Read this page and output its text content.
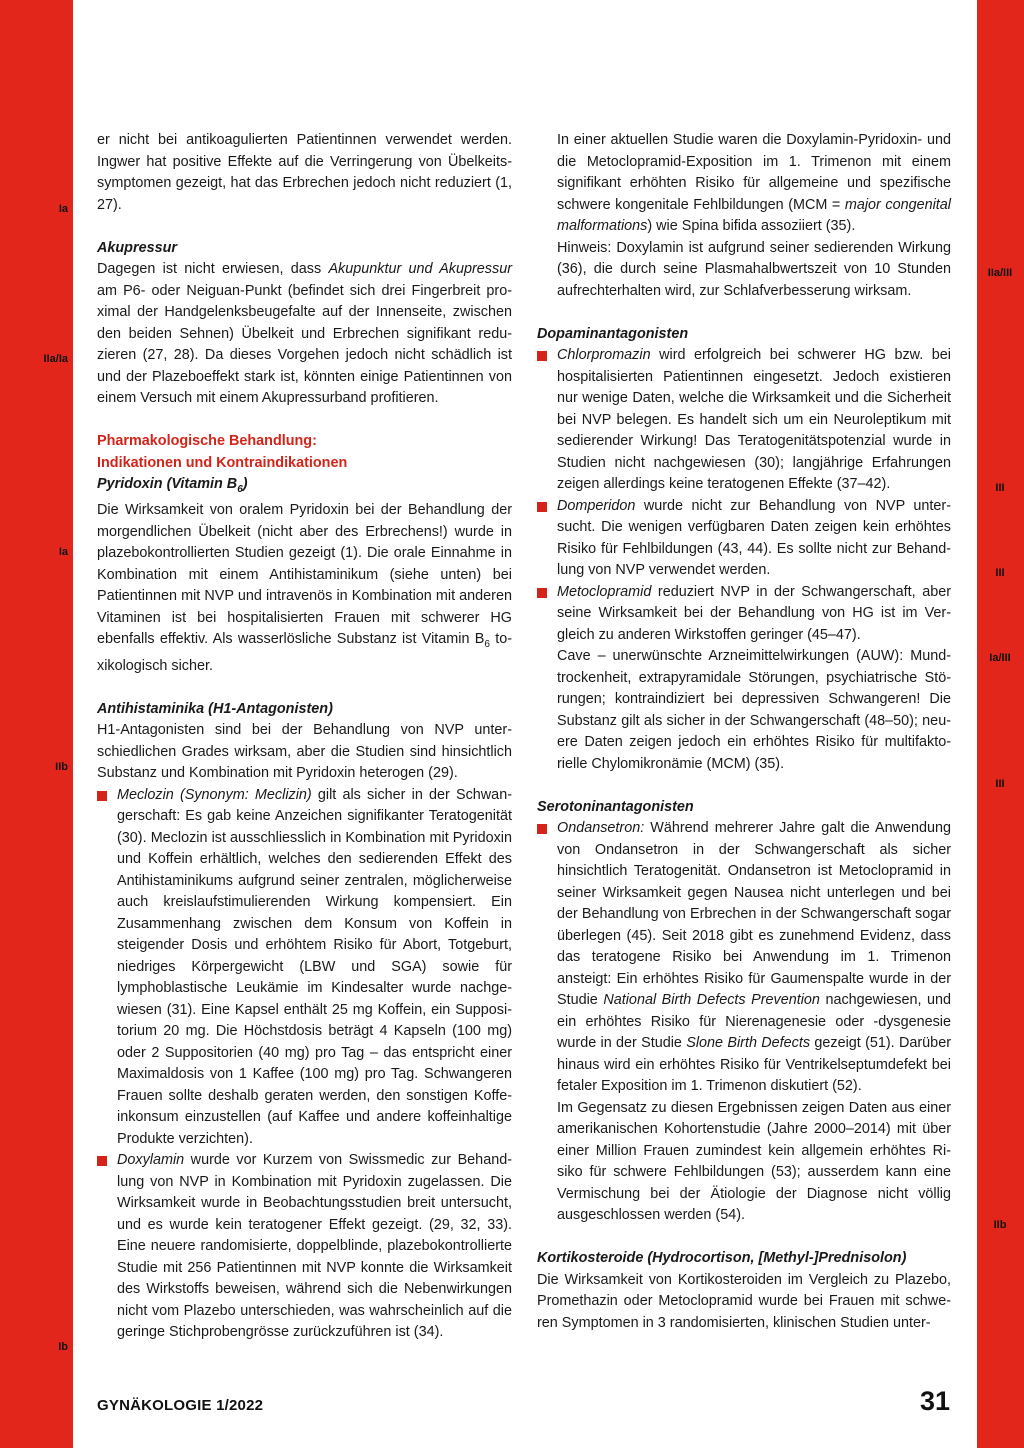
Ia
IIa/Ia
Ia
IIb
Ib
IIa/III
III
III
Ia/III
III
IIb

er nicht bei antikoagulierten Patientinnen verwendet werden. Ingwer hat positive Effekte auf die Verringerung von Übelkeitssymptomen gezeigt, hat das Erbrechen jedoch nicht reduziert (1, 27).

Akupressur

Dagegen ist nicht erwiesen, dass Akupunktur und Akupressur am P6- oder Neiguan-Punkt (befindet sich drei Fingerbreit proximal der Handgelenksbeugefalte auf der Innenseite, zwischen den beiden Sehnen) Übelkeit und Erbrechen signifikant reduzieren (27, 28). Da dieses Vorgehen jedoch nicht schädlich ist und der Plazeboeffekt stark ist, könnten einige Patientinnen von einem Versuch mit einem Akupressurband profitieren.

Pharmakologische Behandlung:

Indikationen und Kontraindikationen

Pyridoxin (Vitamin $B_6$)

Die Wirksamkeit von oralem Pyridoxin bei der Behandlung der morgendlichen Übelkeit (nicht aber des Erbrechens!) wurde in plazebokontrollierten Studien gezeigt (1). Die orale Einnahme in Kombination mit einem Antihistaminikum (siehe unten) bei Patientinnen mit NVP und intravenös in Kombination mit anderen Vitaminen ist bei hospitalisierten Frauen mit schwerer HG ebenfalls effektiv. Als wasserlösliche Substanz ist Vitamin $B_6$ toxikologisch sicher.

Antihistaminika (H1-Antagonisten)

H1-Antagonisten sind bei der Behandlung von NVP unterschiedlichen Grades wirksam, aber die Studien sind hinsichtlich Substanz und Kombination mit Pyridoxin heterogen (29).

Meclozin (Synonym: Meclizin) gilt als sicher in der Schwangerschaft: Es gab keine Anzeichen signifikanter Teratogenität (30). Meclozin ist ausschliesslich in Kombination mit Pyridoxin und Koffein erhältlich, welches den sedierenden Effekt des Antihistaminikums aufgrund seiner zentralen, möglicherweise auch kreislaufstimulierenden Wirkung kompensiert. Ein Zusammenhang zwischen dem Konsum von Koffein in steigender Dosis und erhöhtem Risiko für Abort, Totgeburt, niedriges Körpergewicht (LBW und SGA) sowie für lymphoblastische Leukämie im Kindesalter wurde nachgewiesen (31). Eine Kapsel enthält 25 mg Koffein, ein Suppositorium 20 mg. Die Höchstdosis beträgt 4 Kapseln (100 mg) oder 2 Suppositorien (40 mg) pro Tag – das entspricht einer Maximaldosis von 1 Kaffee (100 mg) pro Tag. Schwangeren Frauen sollte deshalb geraten werden, den sonstigen Koffeinkonsum einzustellen (auf Kaffee und andere koffeinhaltige Produkte verzichten).

Doxylamin wurde vor Kurzem von Swissmedic zur Behandlung von NVP in Kombination mit Pyridoxin zugelassen. Die Wirksamkeit wurde in Beobachtungsstudien breit untersucht, und es wurde kein teratogener Effekt gezeigt. (29, 32, 33). Eine neuere randomisierte, doppelblinde, plazebokontrollierte Studie mit 256 Patientinnen mit NVP konnte die Wirksamkeit des Wirkstoffs beweisen, während sich die Nebenwirkungen nicht vom Plazebo unterschieden, was wahrscheinlich auf die geringe Stichprobengrösse zurückzuführen ist (34).

In einer aktuellen Studie waren die Doxylamin-Pyridoxin- und die Metoclopramid-Exposition im 1. Trimenon mit einem signifikant erhöhten Risiko für allgemeine und spezifische schwere kongenitale Fehlbildungen (MCM = major congenital malformations) wie Spina bifida assoziiert (35).

Hinweis: Doxylamin ist aufgrund seiner sedierenden Wirkung (36), die durch seine Plasmahalbwertszeit von 10 Stunden aufrechterhalten wird, zur Schlafverbesserung wirksam.

Dopaminantagonisten

Chlorpromazin wird erfolgreich bei schwerer HG bzw. bei hospitalisierten Patientinnen eingesetzt. Jedoch existieren nur wenige Daten, welche die Wirksamkeit und die Sicherheit bei NVP belegen. Es handelt sich um ein Neuroleptikum mit sedierender Wirkung! Das Teratogenitätspotenzial wurde in Studien nicht nachgewiesen (30); langjährige Erfahrungen zeigen allerdings keine teratogenen Effekte (37–42).

Domperidon wurde nicht zur Behandlung von NVP untersucht. Die wenigen verfügbaren Daten zeigen kein erhöhtes Risiko für Fehlbildungen (43, 44). Es sollte nicht zur Behandlung von NVP verwendet werden.

Metoclopramid reduziert NVP in der Schwangerschaft, aber seine Wirksamkeit bei der Behandlung von HG ist im Vergleich zu anderen Wirkstoffen geringer (45–47).

Cave – unerwünschte Arzneimittelwirkungen (AUW): Mundtrockenheit, extrapyramidale Störungen, psychiatrische Störungen; kontraindiziert bei depressiven Schwangeren! Die Substanz gilt als sicher in der Schwangerschaft (48–50); neuere Daten zeigen jedoch ein erhöhtes Risiko für multifaktorielle Chylomikronämie (MCM) (35).

Serotoninantagonisten

Ondansetron: Während mehrerer Jahre galt die Anwendung von Ondansetron in der Schwangerschaft als sicher hinsichtlich Teratogenität. Ondansetron ist Metoclopramid in seiner Wirksamkeit gegen Nausea nicht unterlegen und bei der Behandlung von Erbrechen in der Schwangerschaft sogar überlegen (45). Seit 2018 gibt es zunehmend Evidenz, dass das teratogene Risiko bei Anwendung im 1. Trimenon ansteigt: Ein erhöhtes Risiko für Gaumenspalte wurde in der Studie National Birth Defects Prevention nachgewiesen, und ein erhöhtes Risiko für Nierenagenesie oder -dysgenesie wurde in der Studie Slone Birth Defects gezeigt (51). Darüber hinaus wird ein erhöhtes Risiko für Ventrikelseptumdefekt bei fetaler Exposition im 1. Trimenon diskutiert (52).

Im Gegensatz zu diesen Ergebnissen zeigen Daten aus einer amerikanischen Kohortenstudie (Jahre 2000–2014) mit über einer Million Frauen zumindest kein allgemein erhöhtes Risiko für schwere Fehlbildungen (53); ausserdem kann eine Vermischung bei der Ätiologie der Diagnose nicht völlig ausgeschlossen werden (54).

Kortikosteroide (Hydrocortison, [Methyl-]Prednisolon)

Die Wirksamkeit von Kortikosteroiden im Vergleich zu Plazebo, Promethazin oder Metoclopramid wurde bei Frauen mit schweren Symptomen in 3 randomisierten, klinischen Studien unter-

GYNÄKOLOGIE 1/2022	31
